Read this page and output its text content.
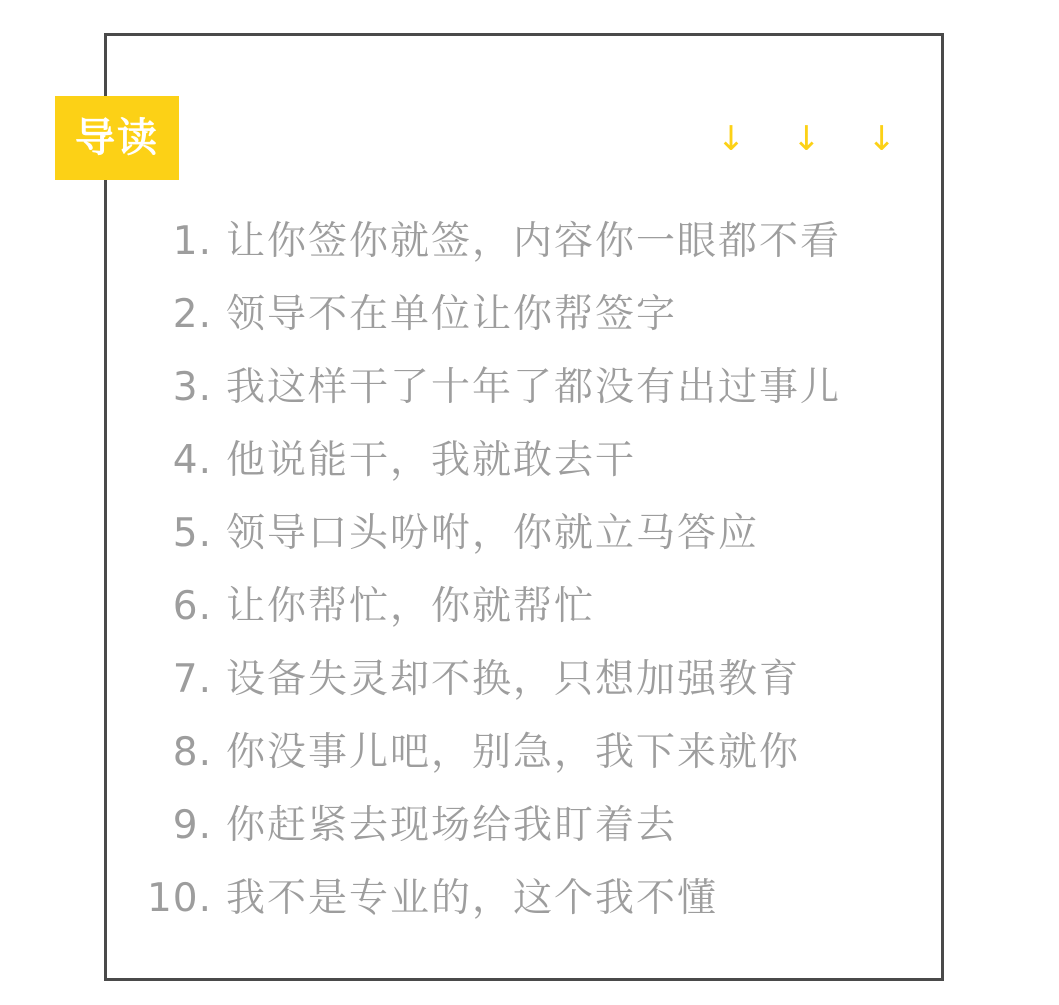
导读	↓ ↓ ↓
1. 让你签你就签，内容你一眼都不看
2. 领导不在单位让你帮签字
3. 我这样干了十年了都没有出过事儿
4. 他说能干，我就敢去干
5. 领导口头吩咐，你就立马答应
6. 让你帮忙，你就帮忙
7. 设备失灵却不换，只想加强教育
8. 你没事儿吧，别急，我下来就你
9. 你赶紧去现场给我盯着去
10. 我不是专业的，这个我不懂
